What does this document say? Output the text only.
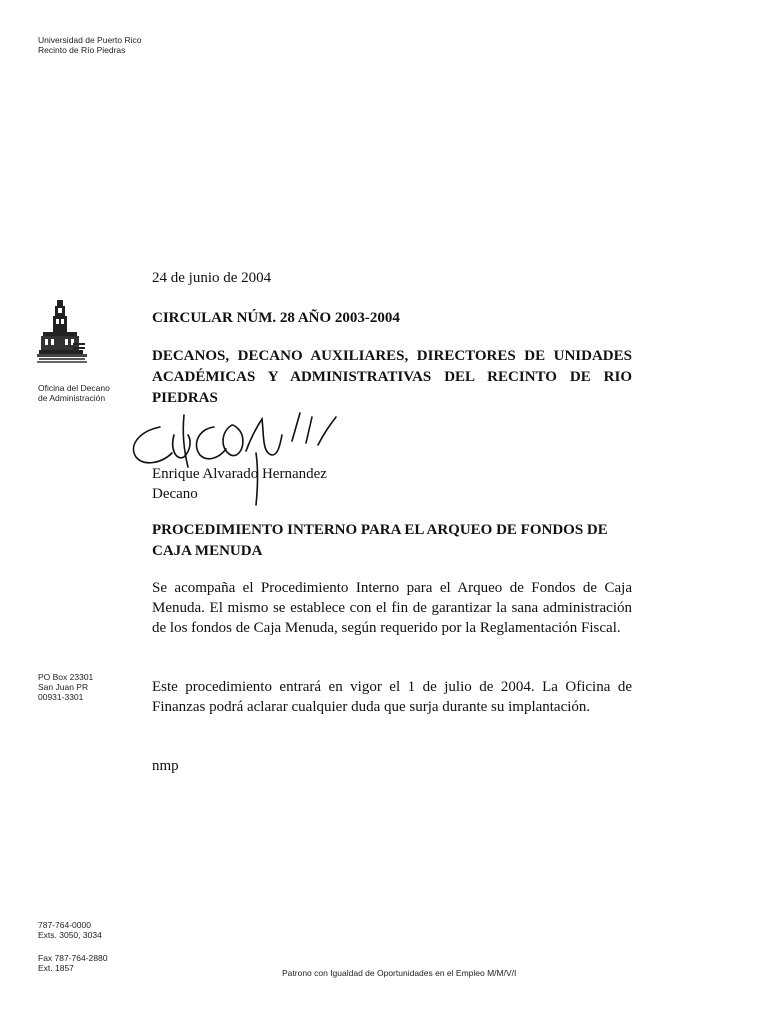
Universidad de Puerto Rico
Recinto de Río Piedras
Oficina del Decano
de Administración
PO Box 23301
San Juan PR
00931-3301
787-764-0000
Exts. 3050, 3034
Fax 787-764-2880
Ext. 1857	Patrono con Igualdad de Oportunidades en el Empleo M/M/V/I
24 de junio de 2004
CIRCULAR NÚM. 28 AÑO 2003-2004
DECANOS, DECANO AUXILIARES, DIRECTORES DE UNIDADES ACADÉMICAS Y ADMINISTRATIVAS DEL RECINTO DE RIO PIEDRAS
Enrique Alvarado Hernandez
Decano
PROCEDIMIENTO INTERNO PARA EL ARQUEO DE FONDOS DE CAJA MENUDA
Se acompaña el Procedimiento Interno para el Arqueo de Fondos de Caja Menuda. El mismo se establece con el fin de garantizar la sana administración de los fondos de Caja Menuda, según requerido por la Reglamentación Fiscal.
Este procedimiento entrará en vigor el 1 de julio de 2004. La Oficina de Finanzas podrá aclarar cualquier duda que surja durante su implantación.
nmp
